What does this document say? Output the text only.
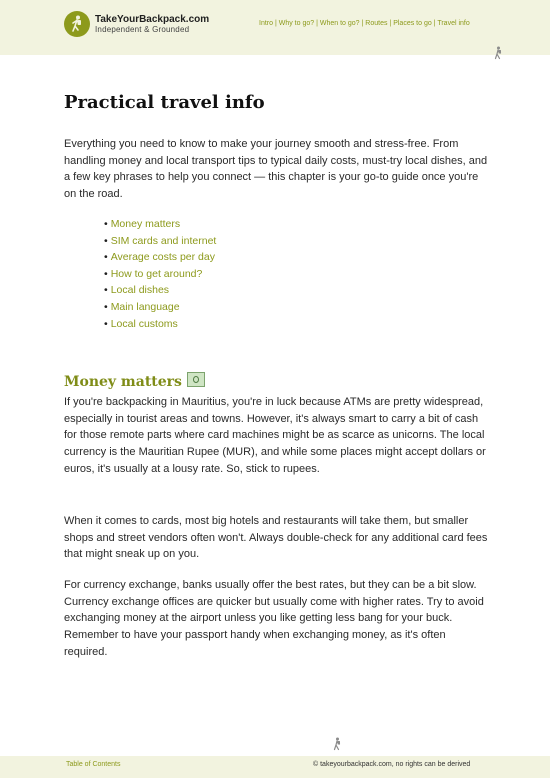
TakeYourBackpack.com
Independent & Grounded
Intro | Why to go? | When to go? | Routes | Places to go | Travel info
Practical travel info

Everything you need to know to make your journey smooth and stress-free. From handling money and local transport tips to typical daily costs, must-try local dishes, and a few key phrases to help you connect — this chapter is your go-to guide once you're on the road.

• Money matters
• SIM cards and internet
• Average costs per day
• How to get around?
• Local dishes
• Main language
• Local customs
Money matters

If you're backpacking in Mauritius, you're in luck because ATMs are pretty widespread, especially in tourist areas and towns. However, it's always smart to carry a bit of cash for those remote parts where card machines might be as scarce as unicorns. The local currency is the Mauritian Rupee (MUR), and while some places might accept dollars or euros, it's usually at a lousy rate. So, stick to rupees.

When it comes to cards, most big hotels and restaurants will take them, but smaller shops and street vendors often won't. Always double-check for any additional card fees that might sneak up on you.

For currency exchange, banks usually offer the best rates, but they can be a bit slow. Currency exchange offices are quicker but usually come with higher rates. Try to avoid exchanging money at the airport unless you like getting less bang for your buck. Remember to have your passport handy when exchanging money, as it's often required.

Table of Contents	© takeyourbackpack.com, no rights can be derived
